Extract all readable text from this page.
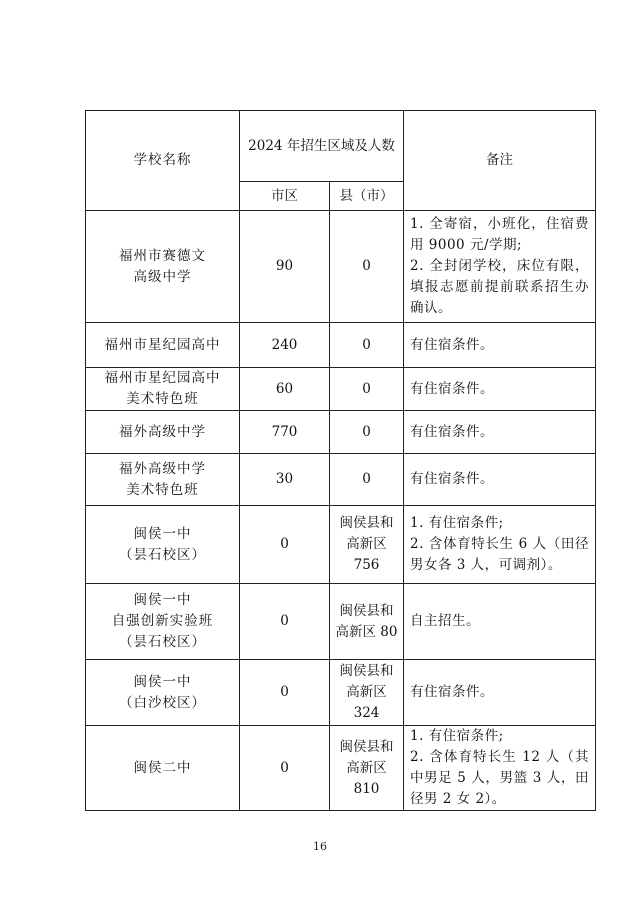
学校名称	2024 年招生区域及人数		备注
	市区	县（市）	

福州市赛德文
高级中学	90	0	1. 全寄宿，小班化，住宿费用 9000 元/学期;
2. 全封闭学校，床位有限，填报志愿前提前联系招生办确认。

福州市星纪园高中	240	0	有住宿条件。

福州市星纪园高中
美术特色班	60	0	有住宿条件。

福外高级中学	770	0	有住宿条件。

福外高级中学
美术特色班	30	0	有住宿条件。

闽侯一中
（昙石校区）	0	闽侯县和
高新区
756	1. 有住宿条件;
2. 含体育特长生 6 人（田径男女各 3 人，可调剂）。

闽侯一中
自强创新实验班
（昙石校区）	0	闽侯县和
高新区 80	自主招生。

闽侯一中
（白沙校区）	0	闽侯县和
高新区
324	有住宿条件。

闽侯二中	0	闽侯县和
高新区
810	1. 有住宿条件;
2. 含体育特长生 12 人（其中男足 5 人，男篮 3 人，田径男 2 女 2）。
16
